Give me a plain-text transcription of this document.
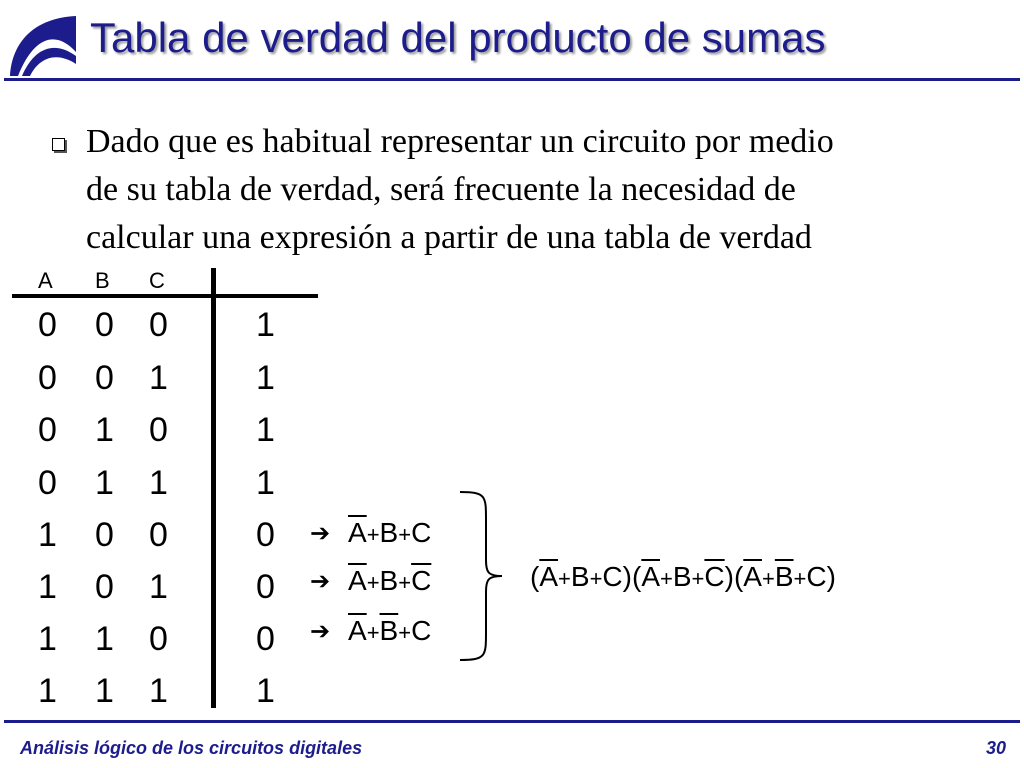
Tabla de verdad del producto de sumas
Dado que es habitual representar un circuito por medio
de su tabla de verdad, será frecuente la necesidad de
calcular una expresión a partir de una tabla de verdad
A B C
0 0 0	1
0 0 1	1
0 1 0	1
0 1 1	1
1 0 0	0
1 0 1	0
1 1 0	0
1 1 1	1
➔ $\overline{A}+B+C$
➔ $\overline{A}+B+\overline{C}$
➔ $\overline{A}+\overline{B}+C$
$(\overline{A}+B+C)(\overline{A}+B+\overline{C})(\overline{A}+\overline{B}+C)$
Análisis lógico de los circuitos digitales	30
